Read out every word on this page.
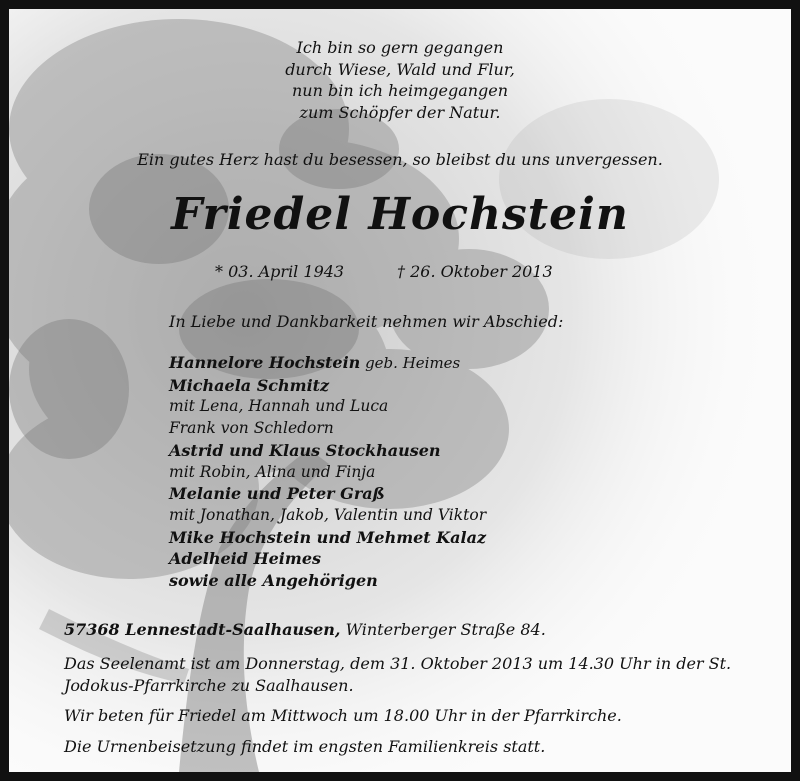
Ich bin so gern gegangen
durch Wiese, Wald und Flur,
nun bin ich heimgegangen
zum Schöpfer der Natur.
Ein gutes Herz hast du besessen, so bleibst du uns unvergessen.
Friedel Hochstein
* 03. April 1943	† 26. Oktober 2013
In Liebe und Dankbarkeit nehmen wir Abschied:
Hannelore Hochstein geb. Heimes
Michaela Schmitz
mit Lena, Hannah und Luca
Frank von Schledorn
Astrid und Klaus Stockhausen
mit Robin, Alina und Finja
Melanie und Peter Graß
mit Jonathan, Jakob, Valentin und Viktor
Mike Hochstein und Mehmet Kalaz
Adelheid Heimes
sowie alle Angehörigen
57368 Lennestadt-Saalhausen, Winterberger Straße 84.

Das Seelenamt ist am Donnerstag, dem 31. Oktober 2013 um 14.30 Uhr in der St. Jodokus-Pfarrkirche zu Saalhausen.

Wir beten für Friedel am Mittwoch um 18.00 Uhr in der Pfarrkirche.

Die Urnenbeisetzung findet im engsten Familienkreis statt.
